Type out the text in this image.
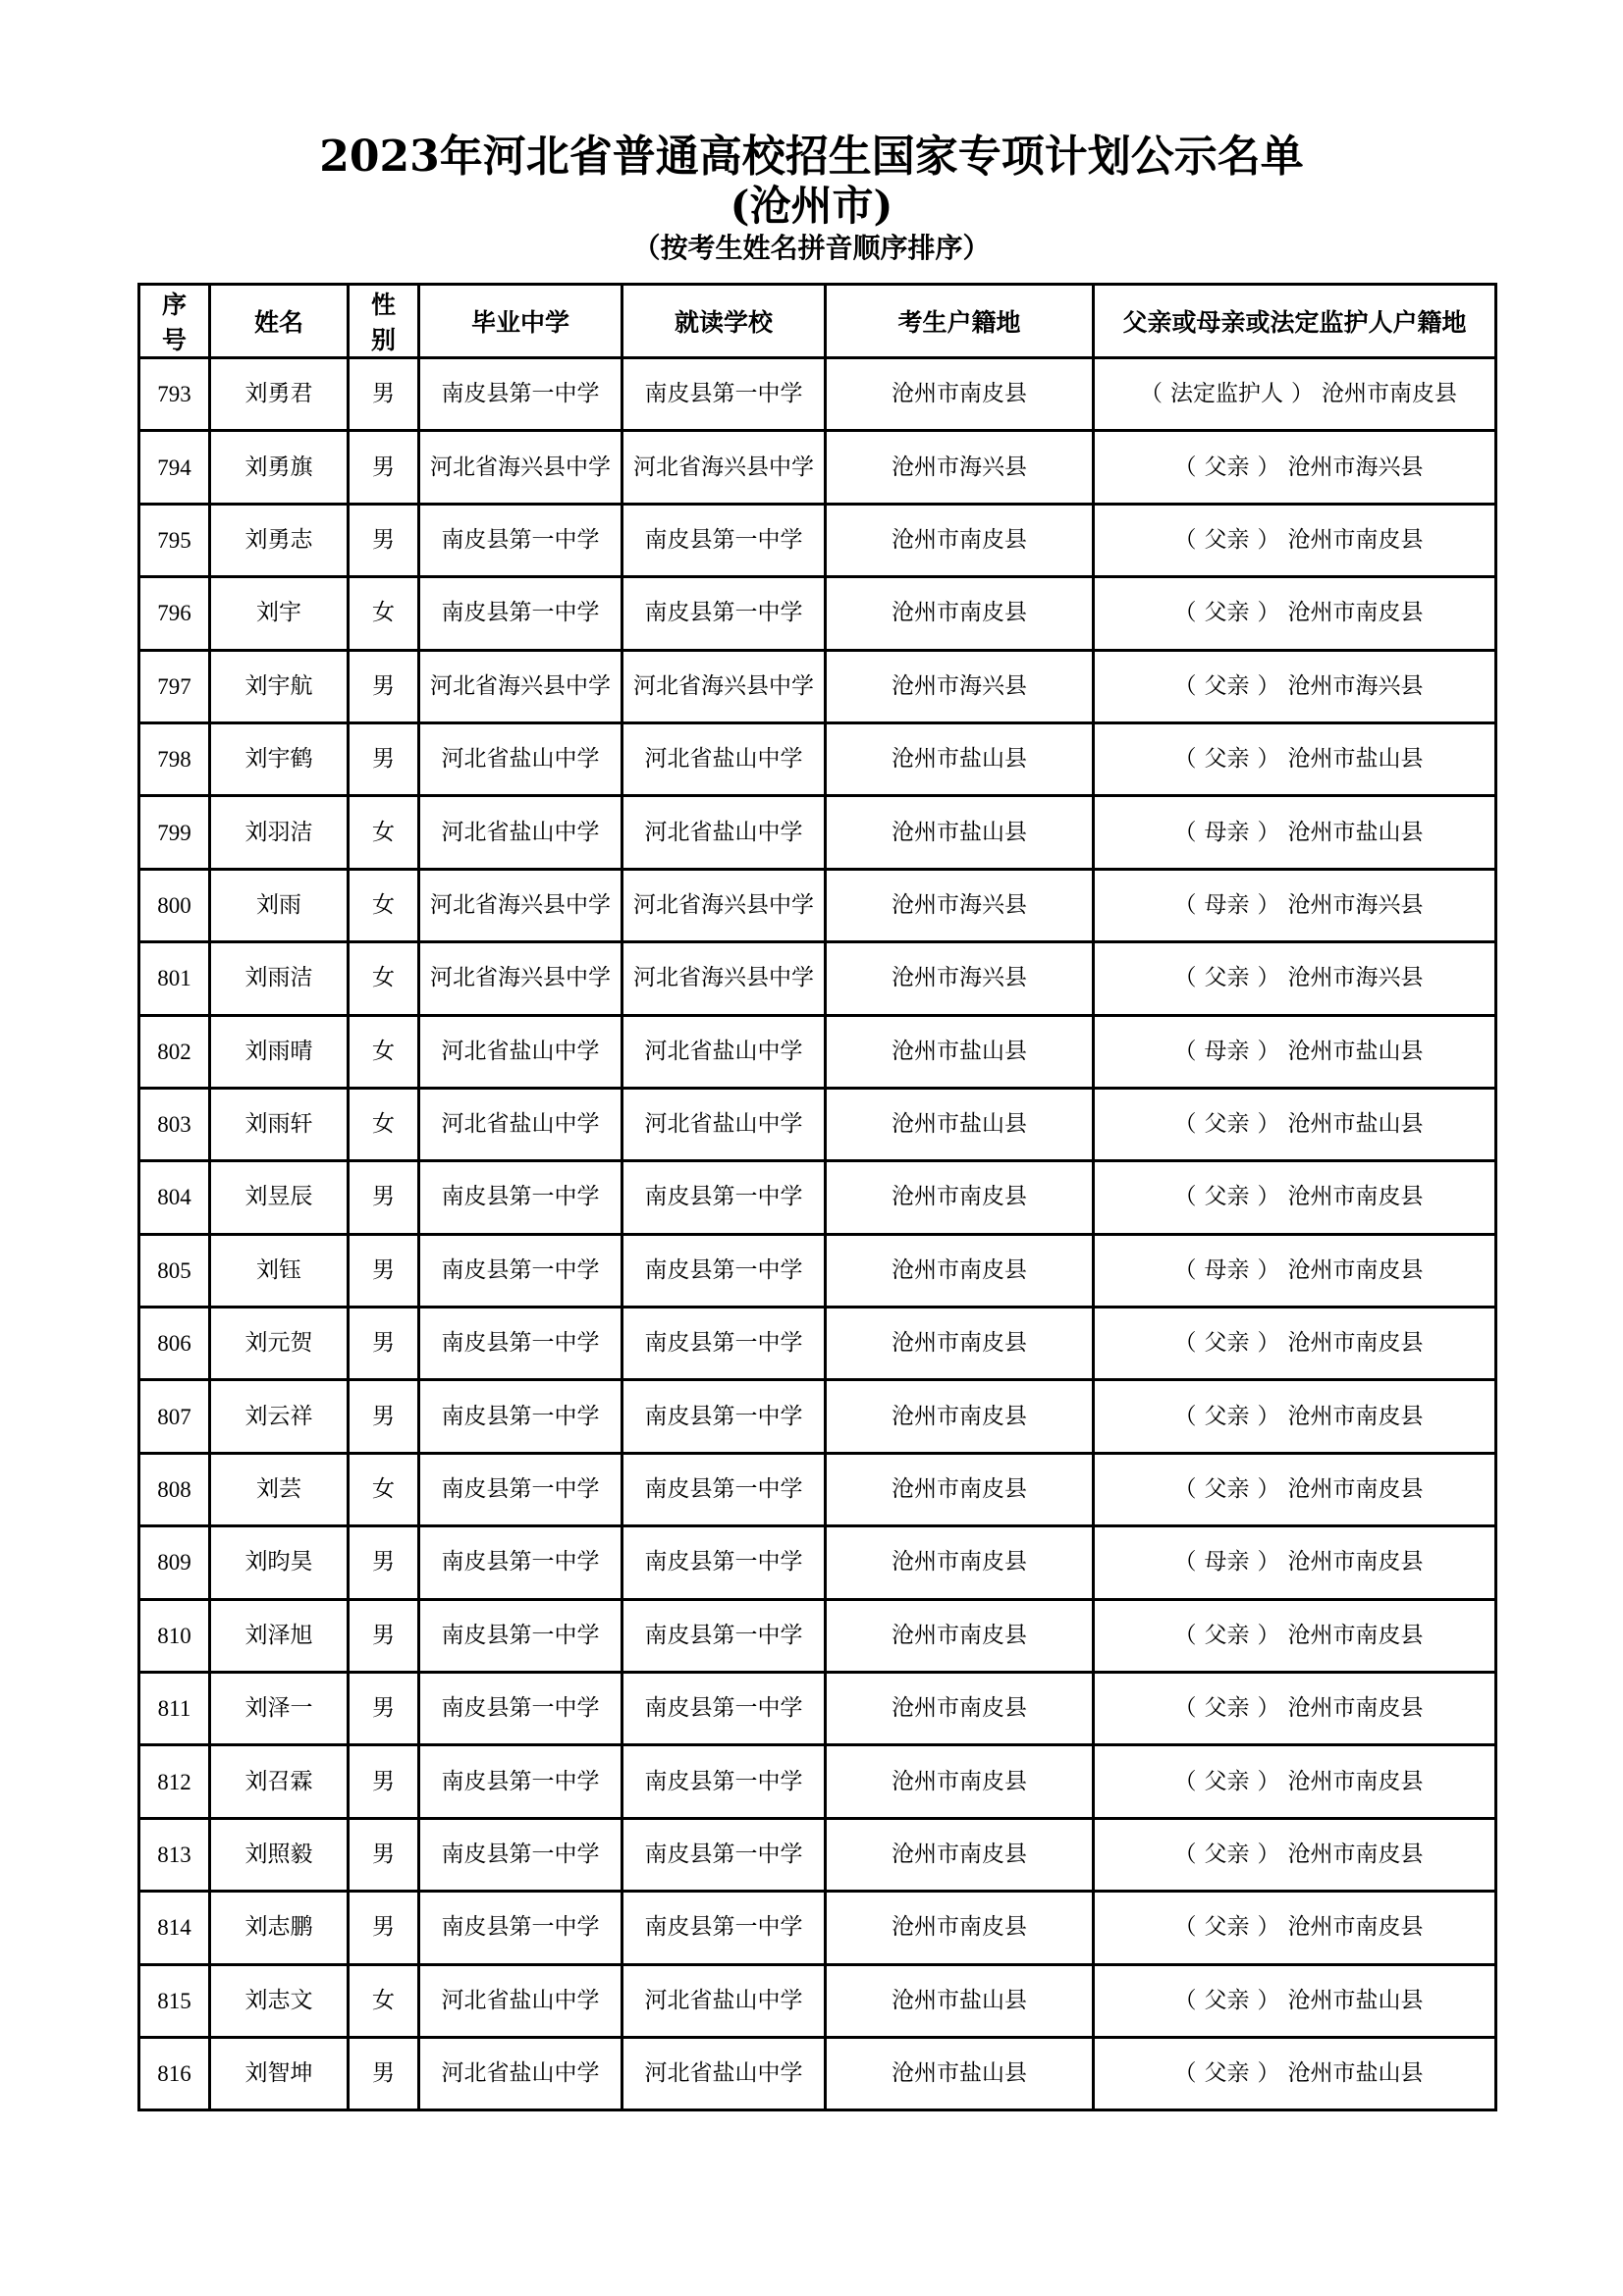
2023年河北省普通高校招生国家专项计划公示名单
(沧州市)
（按考生姓名拼音顺序排序）
序号	姓名	性别	毕业中学	就读学校	考生户籍地	父亲或母亲或法定监护人户籍地
793	刘勇君	男	南皮县第一中学	南皮县第一中学	沧州市南皮县	（ 法定监护人 ） 沧州市南皮县
794	刘勇旗	男	河北省海兴县中学	河北省海兴县中学	沧州市海兴县	（ 父亲 ） 沧州市海兴县
795	刘勇志	男	南皮县第一中学	南皮县第一中学	沧州市南皮县	（ 父亲 ） 沧州市南皮县
796	刘宇	女	南皮县第一中学	南皮县第一中学	沧州市南皮县	（ 父亲 ） 沧州市南皮县
797	刘宇航	男	河北省海兴县中学	河北省海兴县中学	沧州市海兴县	（ 父亲 ） 沧州市海兴县
798	刘宇鹤	男	河北省盐山中学	河北省盐山中学	沧州市盐山县	（ 父亲 ） 沧州市盐山县
799	刘羽洁	女	河北省盐山中学	河北省盐山中学	沧州市盐山县	（ 母亲 ） 沧州市盐山县
800	刘雨	女	河北省海兴县中学	河北省海兴县中学	沧州市海兴县	（ 母亲 ） 沧州市海兴县
801	刘雨洁	女	河北省海兴县中学	河北省海兴县中学	沧州市海兴县	（ 父亲 ） 沧州市海兴县
802	刘雨晴	女	河北省盐山中学	河北省盐山中学	沧州市盐山县	（ 母亲 ） 沧州市盐山县
803	刘雨轩	女	河北省盐山中学	河北省盐山中学	沧州市盐山县	（ 父亲 ） 沧州市盐山县
804	刘昱辰	男	南皮县第一中学	南皮县第一中学	沧州市南皮县	（ 父亲 ） 沧州市南皮县
805	刘钰	男	南皮县第一中学	南皮县第一中学	沧州市南皮县	（ 母亲 ） 沧州市南皮县
806	刘元贺	男	南皮县第一中学	南皮县第一中学	沧州市南皮县	（ 父亲 ） 沧州市南皮县
807	刘云祥	男	南皮县第一中学	南皮县第一中学	沧州市南皮县	（ 父亲 ） 沧州市南皮县
808	刘芸	女	南皮县第一中学	南皮县第一中学	沧州市南皮县	（ 父亲 ） 沧州市南皮县
809	刘昀昊	男	南皮县第一中学	南皮县第一中学	沧州市南皮县	（ 母亲 ） 沧州市南皮县
810	刘泽旭	男	南皮县第一中学	南皮县第一中学	沧州市南皮县	（ 父亲 ） 沧州市南皮县
811	刘泽一	男	南皮县第一中学	南皮县第一中学	沧州市南皮县	（ 父亲 ） 沧州市南皮县
812	刘召霖	男	南皮县第一中学	南皮县第一中学	沧州市南皮县	（ 父亲 ） 沧州市南皮县
813	刘照毅	男	南皮县第一中学	南皮县第一中学	沧州市南皮县	（ 父亲 ） 沧州市南皮县
814	刘志鹏	男	南皮县第一中学	南皮县第一中学	沧州市南皮县	（ 父亲 ） 沧州市南皮县
815	刘志文	女	河北省盐山中学	河北省盐山中学	沧州市盐山县	（ 父亲 ） 沧州市盐山县
816	刘智坤	男	河北省盐山中学	河北省盐山中学	沧州市盐山县	（ 父亲 ） 沧州市盐山县
